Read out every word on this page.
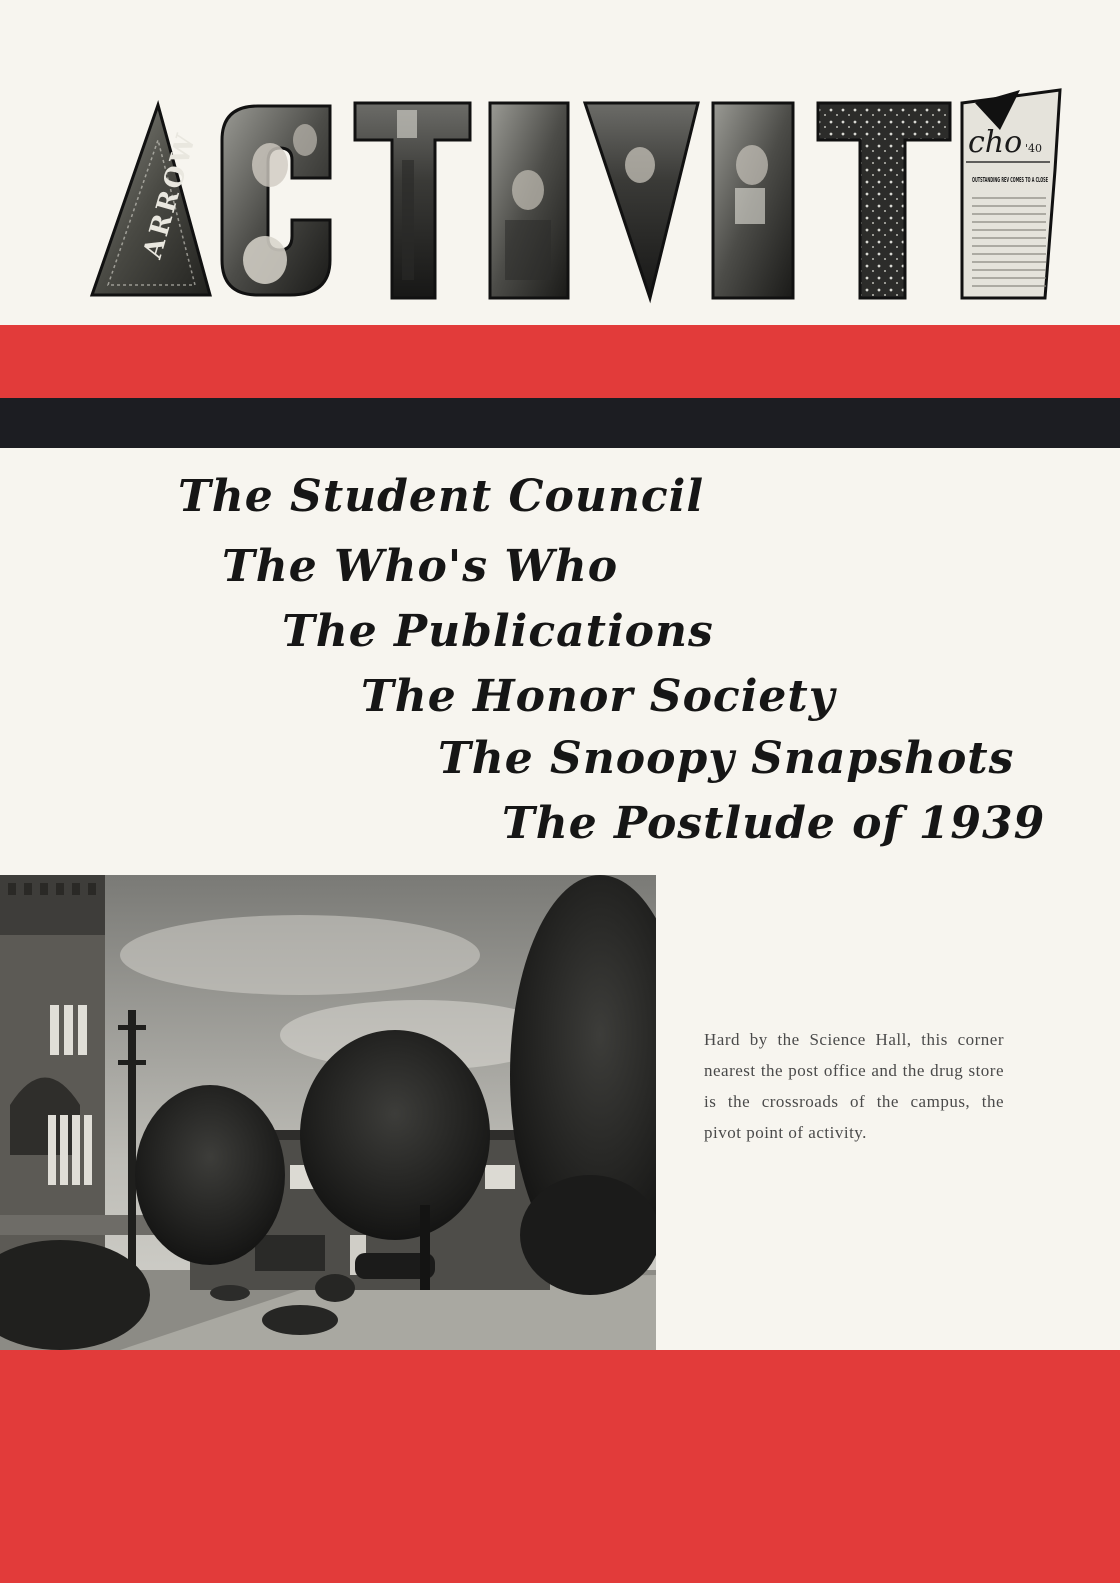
ARROW	cho '40
OUTSTANDING REV COMES TO A CLOSE
The Student Council
The Who's Who
The Publications
The Honor Society
The Snoopy Snapshots
The Postlude of 1939
Hard by the Science Hall, this corner nearest the post office and the drug store is the crossroads of the campus, the pivot point of activity.
